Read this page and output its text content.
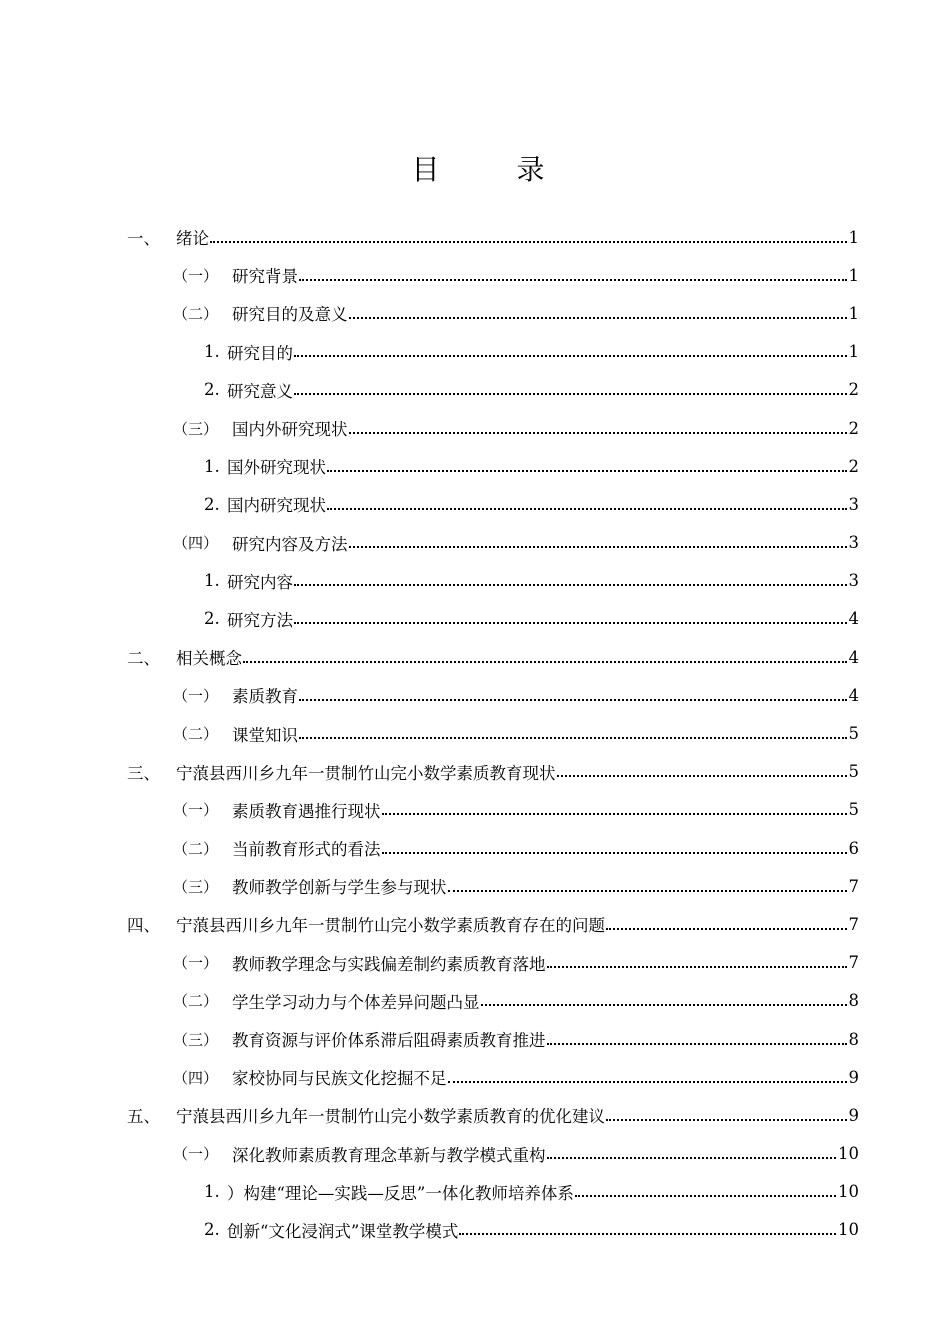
目 录
一、 绪论	1
（一） 研究背景	1
（二） 研究目的及意义	1
1. 研究目的	1
2. 研究意义	2
（三） 国内外研究现状	2
1. 国外研究现状	2
2. 国内研究现状	3
（四） 研究内容及方法	3
1. 研究内容	3
2. 研究方法	4
二、 相关概念	4
（一） 素质教育	4
（二） 课堂知识	5
三、 宁蒗县西川乡九年一贯制竹山完小数学素质教育现状	5
（一） 素质教育遇推行现状	5
（二） 当前教育形式的看法	6
（三） 教师教学创新与学生参与现状	7
四、 宁蒗县西川乡九年一贯制竹山完小数学素质教育存在的问题	7
（一） 教师教学理念与实践偏差制约素质教育落地	7
（二） 学生学习动力与个体差异问题凸显	8
（三） 教育资源与评价体系滞后阻碍素质教育推进	8
（四） 家校协同与民族文化挖掘不足	9
五、 宁蒗县西川乡九年一贯制竹山完小数学素质教育的优化建议	9
（一） 深化教师素质教育理念革新与教学模式重构	10
1. ）构建“理论—实践—反思”一体化教师培养体系	10
2. 创新“文化浸润式”课堂教学模式	10
